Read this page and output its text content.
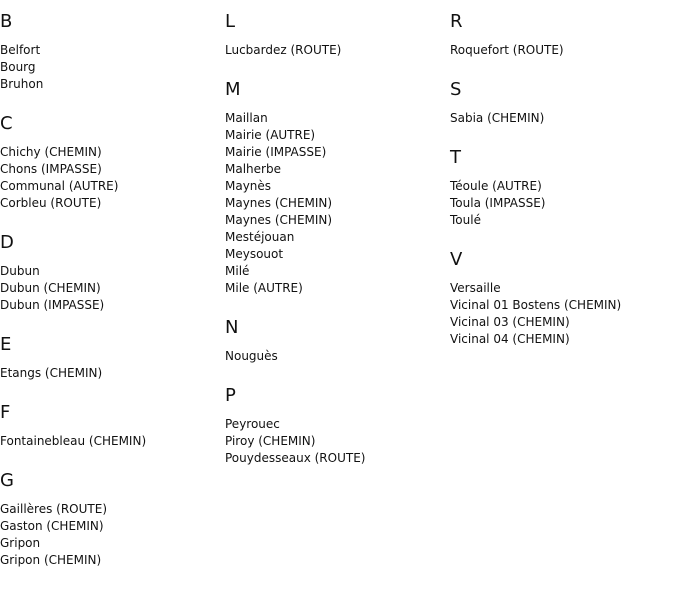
B
Belfort
Bourg
Bruhon
C
Chichy (CHEMIN)
Chons (IMPASSE)
Communal (AUTRE)
Corbleu (ROUTE)
D
Dubun
Dubun (CHEMIN)
Dubun (IMPASSE)
E
Etangs (CHEMIN)
F
Fontainebleau (CHEMIN)
G
Gaillères (ROUTE)
Gaston (CHEMIN)
Gripon
Gripon (CHEMIN)
L
Lucbardez (ROUTE)
M
Maillan
Mairie (AUTRE)
Mairie (IMPASSE)
Malherbe
Maynès
Maynes (CHEMIN)
Maynes (CHEMIN)
Mestéjouan
Meysouot
Milé
Mile (AUTRE)
N
Nouguès
P
Peyrouec
Piroy (CHEMIN)
Pouydesseaux (ROUTE)
R
Roquefort (ROUTE)
S
Sabia (CHEMIN)
T
Téoule (AUTRE)
Toula (IMPASSE)
Toulé
V
Versaille
Vicinal 01 Bostens (CHEMIN)
Vicinal 03 (CHEMIN)
Vicinal 04 (CHEMIN)
